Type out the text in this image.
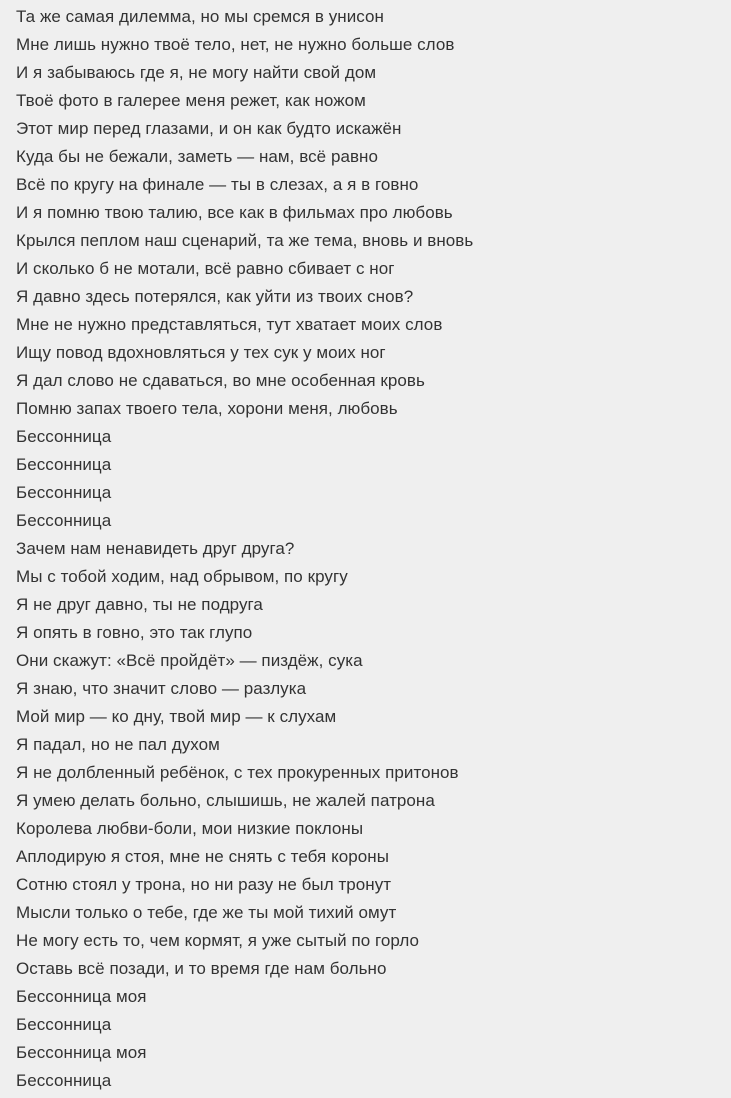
Та же самая дилемма, но мы сремся в унисон
Мне лишь нужно твоё тело, нет, не нужно больше слов
И я забываюсь где я, не могу найти свой дом
Твоё фото в галерее меня режет, как ножом
Этот мир перед глазами, и он как будто искажён
Куда бы не бежали, заметь — нам, всё равно
Всё по кругу на финале — ты в слезах, а я в говно
И я помню твою талию, все как в фильмах про любовь
Крылся пеплом наш сценарий, та же тема, вновь и вновь
И сколько б не мотали, всё равно сбивает с ног
Я давно здесь потерялся, как уйти из твоих снов?
Мне не нужно представляться, тут хватает моих слов
Ищу повод вдохновляться у тех сук у моих ног
Я дал слово не сдаваться, во мне особенная кровь
Помню запах твоего тела, хорони меня, любовь
Бессонница
Бессонница
Бессонница
Бессонница
Зачем нам ненавидеть друг друга?
Мы с тобой ходим, над обрывом, по кругу
Я не друг давно, ты не подруга
Я опять в говно, это так глупо
Они скажут: «Всё пройдёт» — пиздёж, сука
Я знаю, что значит слово — разлука
Мой мир — ко дну, твой мир — к слухам
Я падал, но не пал духом
Я не долбленный ребёнок, с тех прокуренных притонов
Я умею делать больно, слышишь, не жалей патрона
Королева любви-боли, мои низкие поклоны
Аплодирую я стоя, мне не снять с тебя короны
Сотню стоял у трона, но ни разу не был тронут
Мысли только о тебе, где же ты мой тихий омут
Не могу есть то, чем кормят, я уже сытый по горло
Оставь всё позади, и то время где нам больно
Бессонница моя
Бессонница
Бессонница моя
Бессонница
